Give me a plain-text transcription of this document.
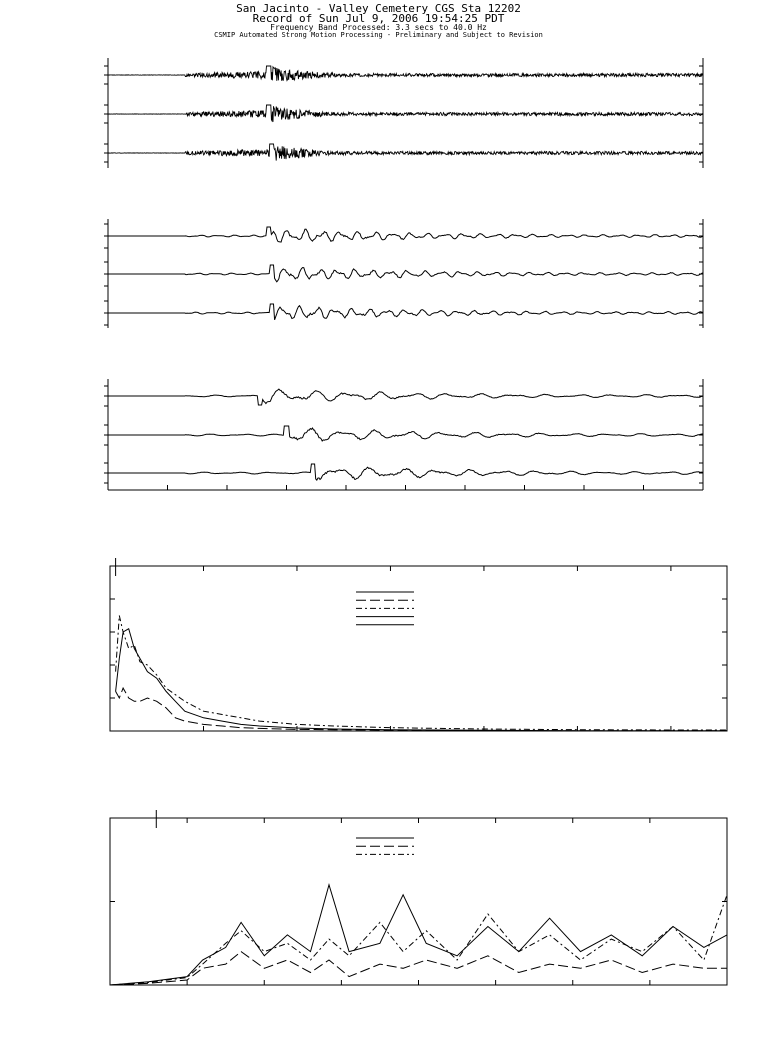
San Jacinto - Valley Cemetery CGS Sta 12202
Record of Sun Jul 9, 2006 19:54:25 PDT
Frequency Band Processed: 3.3 secs to 40.0 Hz
CSMIP Automated Strong Motion Processing - Preliminary and Subject to Revision
